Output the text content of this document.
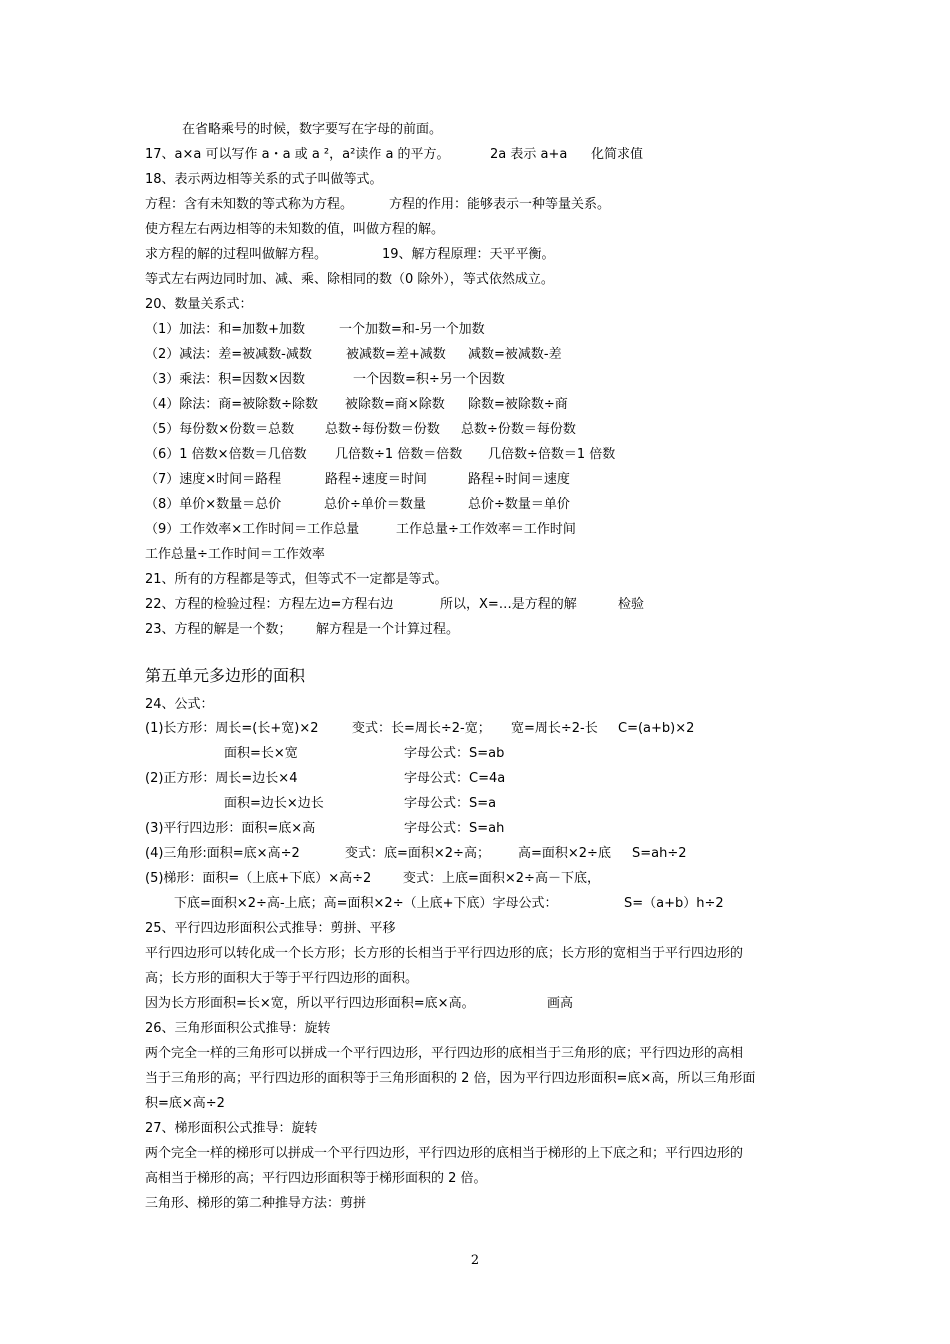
在省略乘号的时候，数字要写在字母的前面。
17、a×a 可以写作 a・a 或 a ²，a²读作 a 的平方。	2a 表示 a+a 化简求值
18、表示两边相等关系的式子叫做等式。
方程：含有未知数的等式称为方程。	方程的作用：能够表示一种等量关系。
使方程左右两边相等的未知数的值，叫做方程的解。
求方程的解的过程叫做解方程。	19、解方程原理：天平平衡。
等式左右两边同时加、减、乘、除相同的数（0 除外），等式依然成立。
20、数量关系式：
（1）加法：和=加数+加数	一个加数=和-另一个加数
（2）减法：差=被减数-减数	被减数=差+减数 减数=被减数-差
（3）乘法：积=因数×因数	一个因数=积÷另一个因数
（4）除法：商=被除数÷除数 被除数=商×除数 除数=被除数÷商
（5）每份数×份数＝总数 总数÷每份数＝份数 总数÷份数＝每份数
（6）1 倍数×倍数＝几倍数 几倍数÷1 倍数＝倍数 几倍数÷倍数＝1 倍数
（7）速度×时间＝路程	路程÷速度＝时间	路程÷时间＝速度
（8）单价×数量＝总价	总价÷单价＝数量	总价÷数量＝单价
（9）工作效率×工作时间＝工作总量	工作总量÷工作效率＝工作时间
工作总量÷工作时间＝工作效率
21、所有的方程都是等式，但等式不一定都是等式。
22、方程的检验过程：方程左边=方程右边	所以，X=…是方程的解	检验
23、方程的解是一个数； 解方程是一个计算过程。
第五单元多边形的面积
24、公式：
(1)长方形：周长=(长+宽)×2	变式：长=周长÷2-宽； 宽=周长÷2-长 C=(a+b)×2
面积=长×宽	字母公式：S=ab
(2)正方形：周长=边长×4	字母公式：C=4a
面积=边长×边长	字母公式：S=a
(3)平行四边形：面积=底×高	字母公式：S=ah
(4)三角形:面积=底×高÷2	变式：底=面积×2÷高； 高=面积×2÷底 S=ah÷2
(5)梯形：面积=（上底+下底）×高÷2 变式：上底=面积×2÷高－下底，
下底=面积×2÷高-上底；高=面积×2÷（上底+下底）字母公式：	S=（a+b）h÷2
25、平行四边形面积公式推导：剪拼、平移
平行四边形可以转化成一个长方形；长方形的长相当于平行四边形的底；长方形的宽相当于平行四边形的
高；长方形的面积大于等于平行四边形的面积。
因为长方形面积=长×宽，所以平行四边形面积=底×高。	画高
26、三角形面积公式推导：旋转
两个完全一样的三角形可以拼成一个平行四边形，平行四边形的底相当于三角形的底；平行四边形的高相
当于三角形的高；平行四边形的面积等于三角形面积的 2 倍，因为平行四边形面积=底×高，所以三角形面
积=底×高÷2
27、梯形面积公式推导：旋转
两个完全一样的梯形可以拼成一个平行四边形，平行四边形的底相当于梯形的上下底之和；平行四边形的
高相当于梯形的高；平行四边形面积等于梯形面积的 2 倍。
三角形、梯形的第二种推导方法：剪拼
2
